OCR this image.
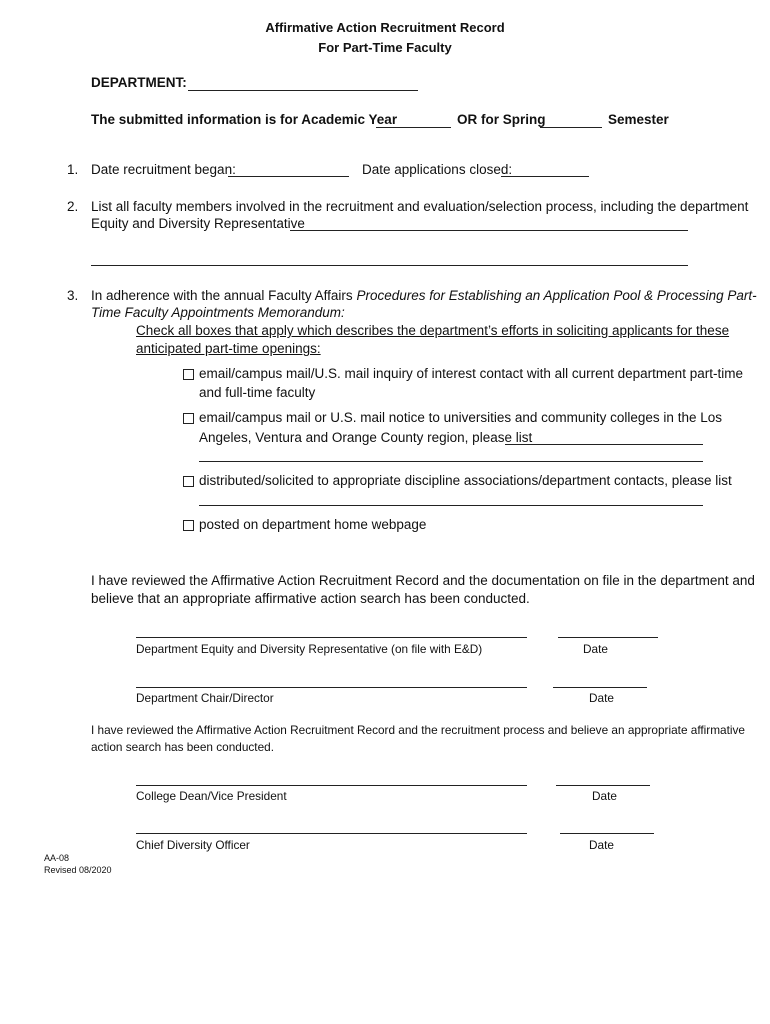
Affirmative Action Recruitment Record
For Part-Time Faculty
DEPARTMENT:
The submitted information is for Academic Year	OR for Spring	Semester
1. Date recruitment began:	Date applications closed:
2. List all faculty members involved in the recruitment and evaluation/selection process, including the department
Equity and Diversity Representative
3. In adherence with the annual Faculty Affairs Procedures for Establishing an Application Pool & Processing Part-
Time Faculty Appointments Memorandum:
Check all boxes that apply which describes the department’s efforts in soliciting applicants for these
anticipated part-time openings:
email/campus mail/U.S. mail inquiry of interest contact with all current department part-time
and full-time faculty
email/campus mail or U.S. mail notice to universities and community colleges in the Los
Angeles, Ventura and Orange County region, please list
distributed/solicited to appropriate discipline associations/department contacts, please list
posted on department home webpage
I have reviewed the Affirmative Action Recruitment Record and the documentation on file in the department and
believe that an appropriate affirmative action search has been conducted.
Department Equity and Diversity Representative (on file with E&D)	Date
Department Chair/Director	Date
I have reviewed the Affirmative Action Recruitment Record and the recruitment process and believe an appropriate affirmative
action search has been conducted.
College Dean/Vice President	Date
Chief Diversity Officer	Date
AA-08
Revised 08/2020
